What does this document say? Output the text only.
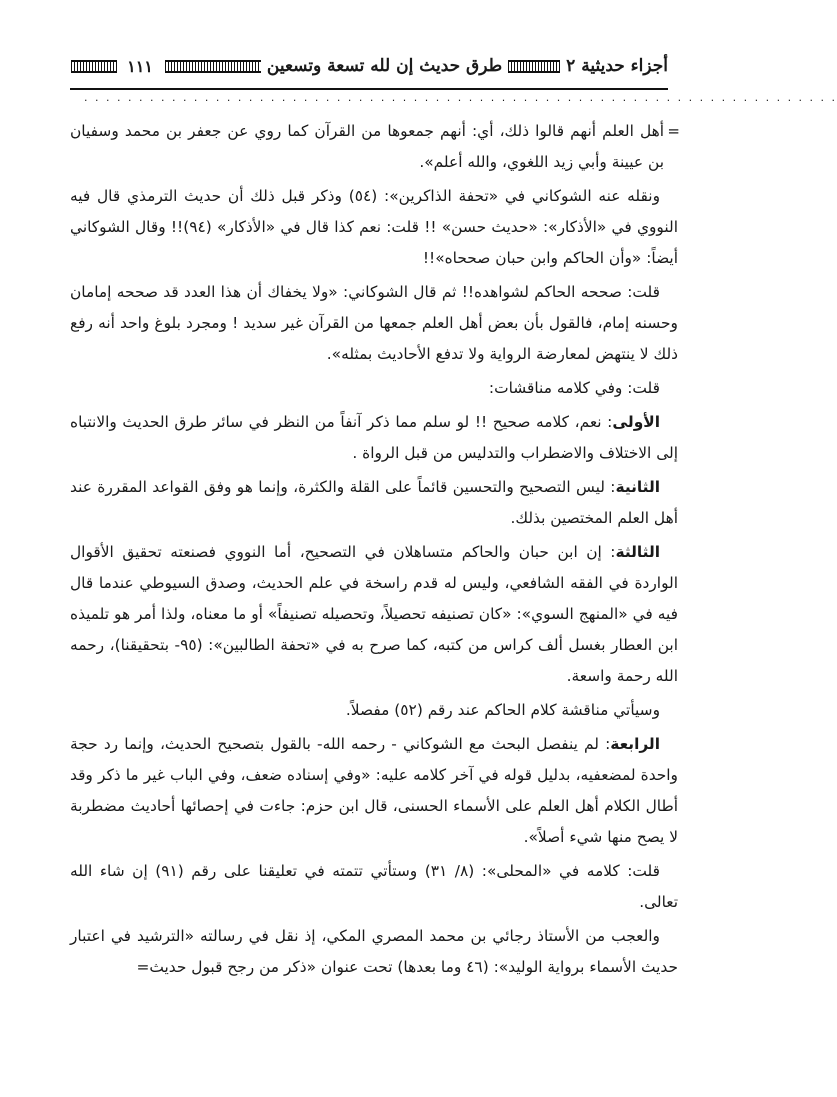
أجزاء حديثية ٢
طرق حديث إن لله تسعة وتسعين
١١١
. . . . . . . . . . . . . . . . . . . . . . . . . . . . . . . . . . . . . . . . . . . . . . . . . . . . . . . . . . . . . . . . . . . . .

=
أهل العلم أنهم قالوا ذلك، أي: أنهم جمعوها من القرآن كما روي عن جعفر بن محمد وسفيان بن عيينة وأبي زيد اللغوي، والله أعلم».

ونقله عنه الشوكاني في «تحفة الذاكرين»: (٥٤) وذكر قبل ذلك أن حديث الترمذي قال فيه النووي في «الأذكار»: «حديث حسن» !! قلت: نعم كذا قال في «الأذكار» (٩٤)!! وقال الشوكاني أيضاً: «وأن الحاكم وابن حبان صححاه»!!

قلت: صححه الحاكم لشواهده!! ثم قال الشوكاني: «ولا يخفاك أن هذا العدد قد صححه إمامان وحسنه إمام، فالقول بأن بعض أهل العلم جمعها من القرآن غير سديد ! ومجرد بلوغ واحد أنه رفع ذلك لا ينتهض لمعارضة الرواية ولا تدفع الأحاديث بمثله».

قلت: وفي كلامه مناقشات:

الأولى: نعم، كلامه صحيح !! لو سلم مما ذكر آنفاً من النظر في سائر طرق الحديث والانتباه إلى الاختلاف والاضطراب والتدليس من قبل الرواة .

الثانية: ليس التصحيح والتحسين قائماً على القلة والكثرة، وإنما هو وفق القواعد المقررة عند أهل العلم المختصين بذلك.

الثالثة: إن ابن حبان والحاكم متساهلان في التصحيح، أما النووي فصنعته تحقيق الأقوال الواردة في الفقه الشافعي، وليس له قدم راسخة في علم الحديث، وصدق السيوطي عندما قال فيه في «المنهج السوي»: «كان تصنيفه تحصيلاً، وتحصيله تصنيفاً» أو ما معناه، ولذا أمر هو تلميذه ابن العطار بغسل ألف كراس من كتبه، كما صرح به في «تحفة الطالبين»: (٩٥- بتحقيقنا)، رحمه الله رحمة واسعة.

وسيأتي مناقشة كلام الحاكم عند رقم (٥٢) مفصلاً.

الرابعة: لم ينفصل البحث مع الشوكاني - رحمه الله- بالقول بتصحيح الحديث، وإنما رد حجة واحدة لمضعفيه، بدليل قوله في آخر كلامه عليه: «وفي إسناده ضعف، وفي الباب غير ما ذكر وقد أطال الكلام أهل العلم على الأسماء الحسنى، قال ابن حزم: جاءت في إحصائها أحاديث مضطربة لا يصح منها شيء أصلاً».

قلت: كلامه في «المحلى»: (٨/ ٣١) وستأتي تتمته في تعليقنا على رقم (٩١) إن شاء الله تعالى.

والعجب من الأستاذ رجائي بن محمد المصري المكي، إذ نقل في رسالته «الترشيد في اعتبار حديث الأسماء برواية الوليد»: (٤٦ وما بعدها) تحت عنوان «ذكر من رجح قبول حديث=
